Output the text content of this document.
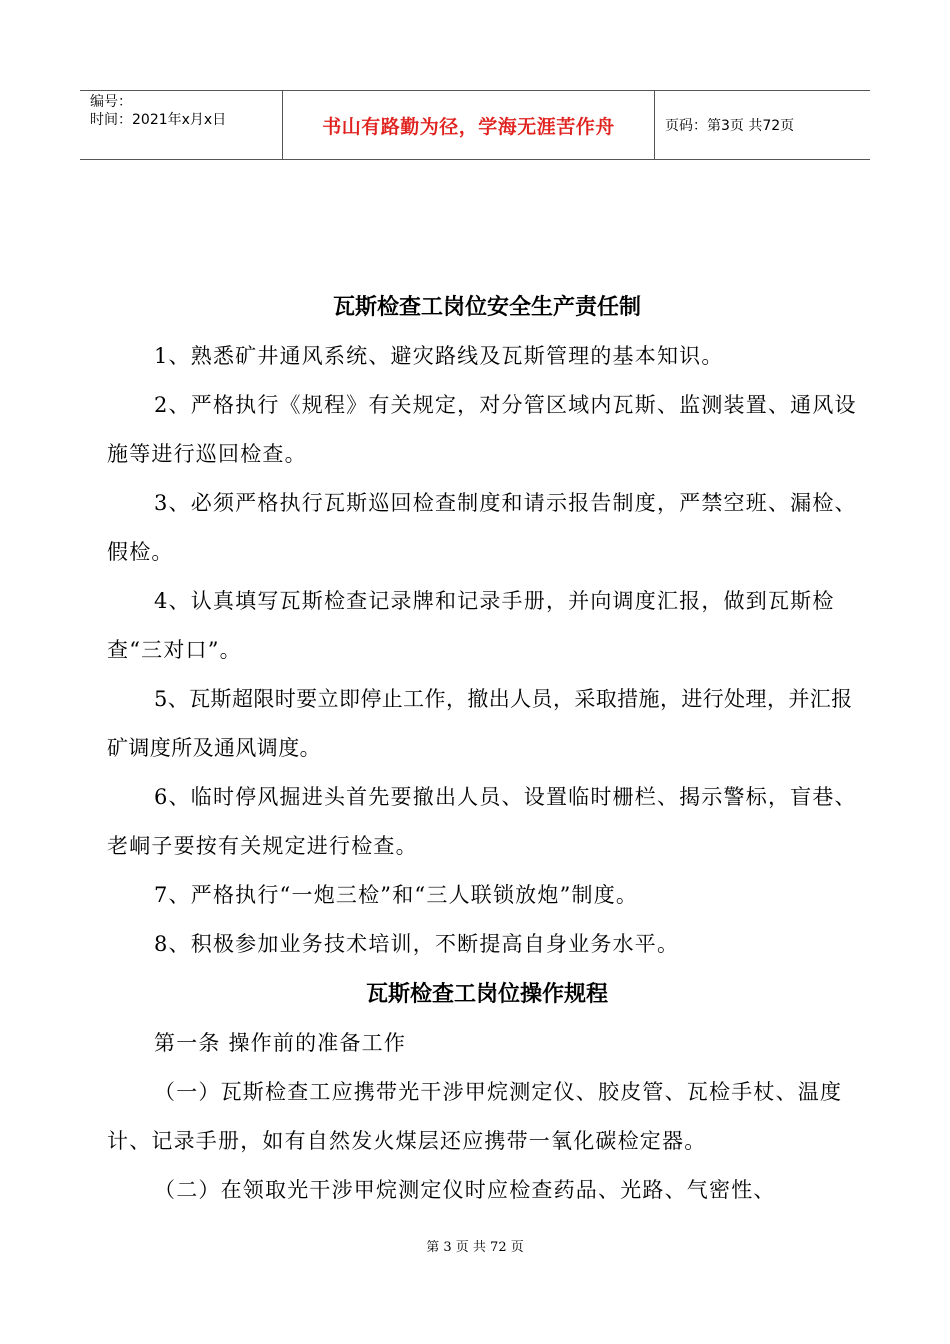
编号：
时间：2021年x月x日	书山有路勤为径，学海无涯苦作舟	页码：第3页 共72页
瓦斯检查工岗位安全生产责任制

1、熟悉矿井通风系统、避灾路线及瓦斯管理的基本知识。

2、严格执行《规程》有关规定，对分管区域内瓦斯、监测装置、通风设施等进行巡回检查。

3、必须严格执行瓦斯巡回检查制度和请示报告制度，严禁空班、漏检、假检。

4、认真填写瓦斯检查记录牌和记录手册，并向调度汇报，做到瓦斯检查“三对口”。

5、瓦斯超限时要立即停止工作，撤出人员，采取措施，进行处理，并汇报矿调度所及通风调度。

6、临时停风掘进头首先要撤出人员、设置临时栅栏、揭示警标，盲巷、老峒子要按有关规定进行检查。

7、严格执行“一炮三检”和“三人联锁放炮”制度。

8、积极参加业务技术培训，不断提高自身业务水平。

瓦斯检查工岗位操作规程

第一条 操作前的准备工作

（一）瓦斯检查工应携带光干涉甲烷测定仪、胶皮管、瓦检手杖、温度计、记录手册，如有自然发火煤层还应携带一氧化碳检定器。

（二）在领取光干涉甲烷测定仪时应检查药品、光路、气密性、

第 3 页 共 72 页
